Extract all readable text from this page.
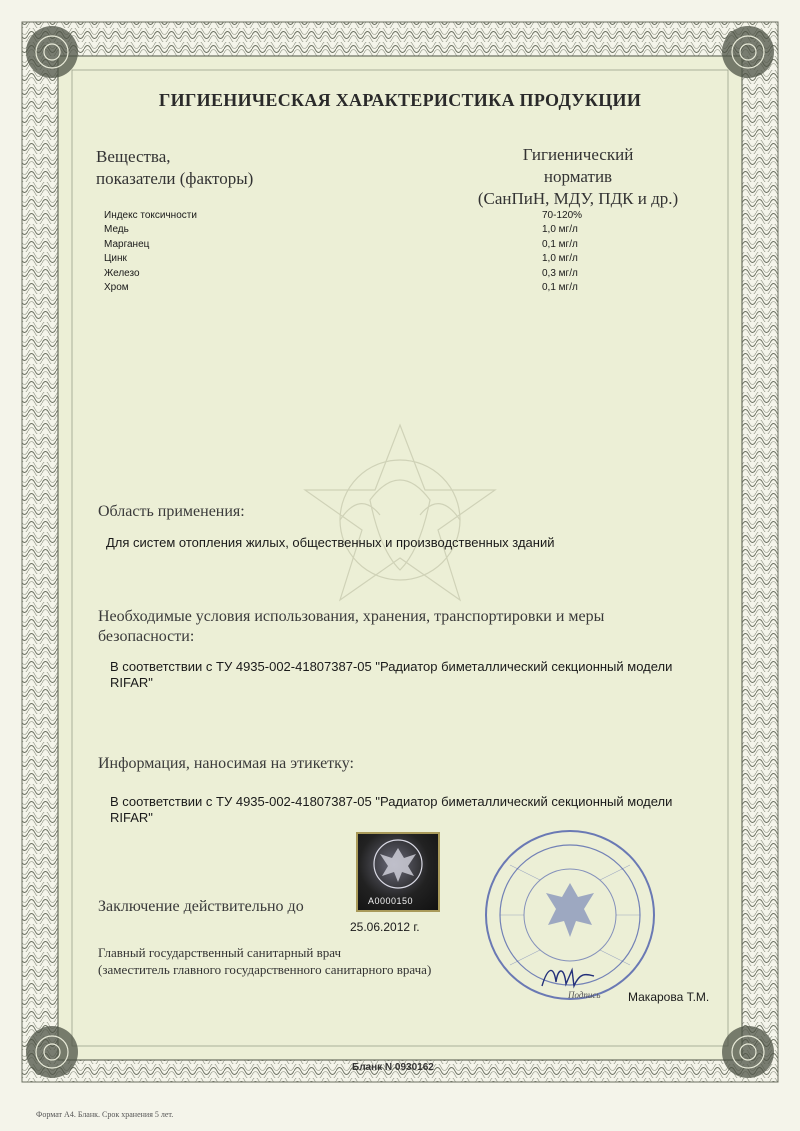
ГИГИЕНИЧЕСКАЯ ХАРАКТЕРИСТИКА ПРОДУКЦИИ
Вещества,
показатели (факторы)
Гигиенический
норматив
(СанПиН, МДУ, ПДК и др.)
Индекс токсичности
Медь
Марганец
Цинк
Железо
Хром
70-120%
1,0 мг/л
0,1 мг/л
1,0 мг/л
0,3 мг/л
0,1 мг/л
Область применения:
Для систем отопления жилых, общественных и производственных зданий
Необходимые условия использования, хранения, транспортировки и меры
безопасности:
В соответствии с ТУ 4935-002-41807387-05 "Радиатор биметаллический секционный модели
RIFAR"
Информация, наносимая на этикетку:
В соответствии с ТУ 4935-002-41807387-05 "Радиатор биметаллический секционный модели
RIFAR"
A0000150
Заключение действительно до
25.06.2012 г.
Главный государственный санитарный врач
(заместитель главного государственного санитарного врача)
Подпись Макарова Т.М.
Бланк N 0930162
Формат А4. Бланк. Срок хранения 5 лет.
